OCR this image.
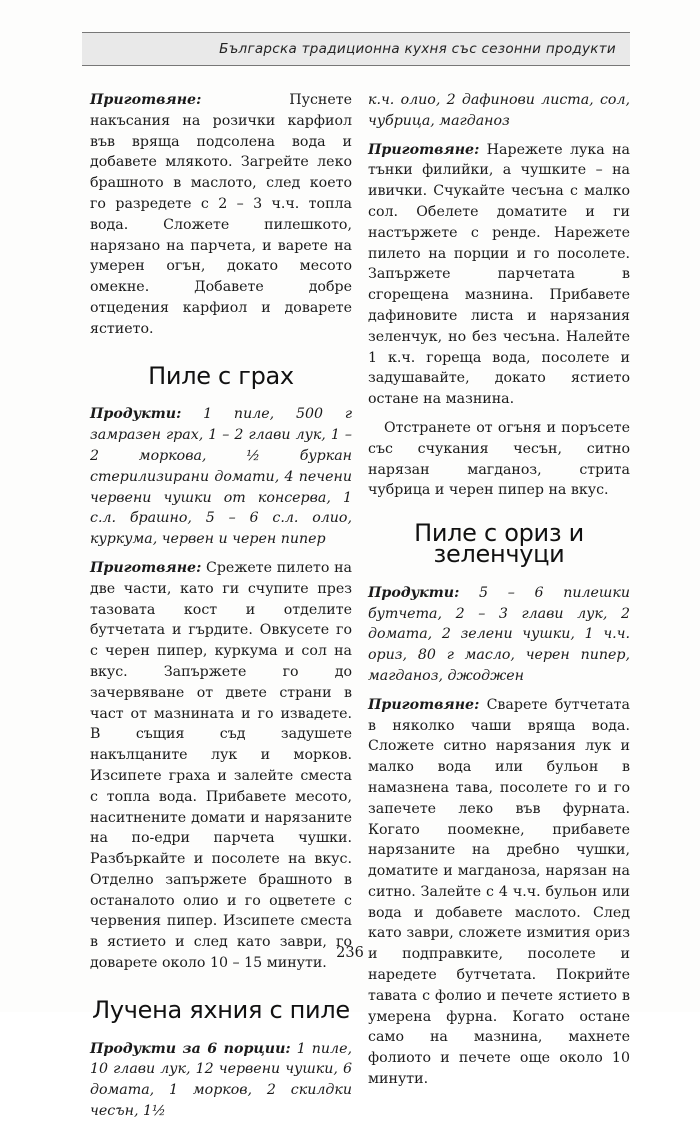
Българска традиционна кухня със сезонни продукти

Приготвяне: Пуснете накъсания на розички карфиол във вряща подсолена вода и добавете млякото. Загрейте леко брашното в маслото, след което го разредете с 2 – 3 ч.ч. топла вода. Сложете пилешкото, нарязано на парчета, и варете на умерен огън, докато месото омекне. Добавете добре отцедения карфиол и доварете ястието.

Пиле с грах

Продукти: 1 пиле, 500 г замразен грах, 1 – 2 глави лук, 1 – 2 моркова, ½ буркан стерилизирани домати, 4 печени червени чушки от консерва, 1 с.л. брашно, 5 – 6 с.л. олио, куркума, червен и черен пипер

Приготвяне: Срежете пилето на две части, като ги счупите през тазовата кост и отделите бутчетата и гърдите. Овкусете го с черен пипер, куркума и сол на вкус. Запържете го до зачервяване от двете страни в част от мазнината и го извадете. В същия съд задушете накълцаните лук и морков. Изсипете граха и залейте сместа с топла вода. Прибавете месото, наситнените домати и нарязаните на по-едри парчета чушки. Разбъркайте и посолете на вкус. Отделно запържете брашното в останалото олио и го оцветете с червения пипер. Изсипете сместа в ястието и след като заври, го доварете около 10 – 15 минути.

Лучена яхния с пиле

Продукти за 6 порции: 1 пиле, 10 глави лук, 12 червени чушки, 6 домата, 1 морков, 2 скилдки чесън, 1½

к.ч. олио, 2 дафинови листа, сол, чубрица, магданоз

Приготвяне: Нарежете лука на тънки филийки, а чушките – на ивички. Счукайте чесъна с малко сол. Обелете доматите и ги настържете с ренде. Нарежете пилето на порции и го посолете. Запържете парчетата в сгорещена мазнина. Прибавете дафиновите листа и нарязания зеленчук, но без чесъна. Налейте 1 к.ч. гореща вода, посолете и задушавайте, докато ястието остане на мазнина.

Отстранете от огъня и поръсете със счукания чесън, ситно нарязан магданоз, стрита чубрица и черен пипер на вкус.

Пиле с ориз и зеленчуци

Продукти: 5 – 6 пилешки бутчета, 2 – 3 глави лук, 2 домата, 2 зелени чушки, 1 ч.ч. ориз, 80 г масло, черен пипер, магданоз, джоджен

Приготвяне: Сварете бутчетата в няколко чаши вряща вода. Сложете ситно нарязания лук и малко вода или бульон в намазнена тава, посолете го и го запечете леко във фурната. Когато поомекне, прибавете нарязаните на дребно чушки, доматите и магданоза, нарязан на ситно. Залейте с 4 ч.ч. бульон или вода и добавете маслото. След като заври, сложете измития ориз и подправките, посолете и наредете бутчетата. Покрийте тавата с фолио и печете ястието в умерена фурна. Когато остане само на мазнина, махнете фолиото и печете още около 10 минути.

236
